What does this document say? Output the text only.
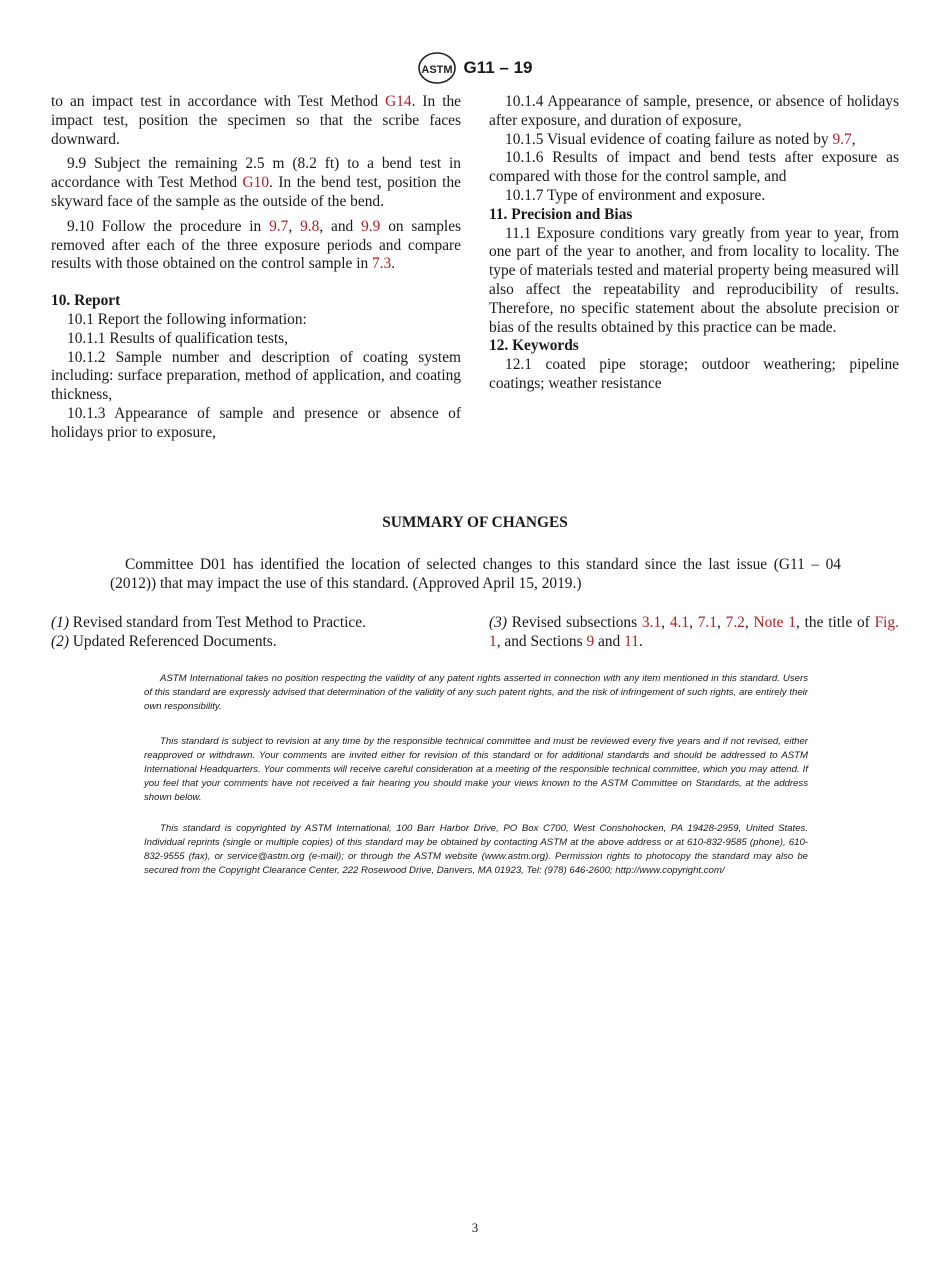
ASTM G11 – 19

to an impact test in accordance with Test Method G14. In the impact test, position the specimen so that the scribe faces downward.

9.9 Subject the remaining 2.5 m (8.2 ft) to a bend test in accordance with Test Method G10. In the bend test, position the skyward face of the sample as the outside of the bend.

9.10 Follow the procedure in 9.7, 9.8, and 9.9 on samples removed after each of the three exposure periods and compare results with those obtained on the control sample in 7.3.

10. Report

10.1 Report the following information:

10.1.1 Results of qualification tests,

10.1.2 Sample number and description of coating system including: surface preparation, method of application, and coating thickness,

10.1.3 Appearance of sample and presence or absence of holidays prior to exposure,

10.1.4 Appearance of sample, presence, or absence of holidays after exposure, and duration of exposure,

10.1.5 Visual evidence of coating failure as noted by 9.7,

10.1.6 Results of impact and bend tests after exposure as compared with those for the control sample, and

10.1.7 Type of environment and exposure.

11. Precision and Bias

11.1 Exposure conditions vary greatly from year to year, from one part of the year to another, and from locality to locality. The type of materials tested and material property being measured will also affect the repeatability and reproducibility of results. Therefore, no specific statement about the absolute precision or bias of the results obtained by this practice can be made.

12. Keywords

12.1 coated pipe storage; outdoor weathering; pipeline coatings; weather resistance

SUMMARY OF CHANGES

Committee D01 has identified the location of selected changes to this standard since the last issue (G11 – 04 (2012)) that may impact the use of this standard. (Approved April 15, 2019.)

(1) Revised standard from Test Method to Practice.
(2) Updated Referenced Documents.
(3) Revised subsections 3.1, 4.1, 7.1, 7.2, Note 1, the title of Fig. 1, and Sections 9 and 11.

ASTM International takes no position respecting the validity of any patent rights asserted in connection with any item mentioned in this standard. Users of this standard are expressly advised that determination of the validity of any such patent rights, and the risk of infringement of such rights, are entirely their own responsibility.

This standard is subject to revision at any time by the responsible technical committee and must be reviewed every five years and if not revised, either reapproved or withdrawn. Your comments are invited either for revision of this standard or for additional standards and should be addressed to ASTM International Headquarters. Your comments will receive careful consideration at a meeting of the responsible technical committee, which you may attend. If you feel that your comments have not received a fair hearing you should make your views known to the ASTM Committee on Standards, at the address shown below.

This standard is copyrighted by ASTM International, 100 Barr Harbor Drive, PO Box C700, West Conshohocken, PA 19428-2959, United States. Individual reprints (single or multiple copies) of this standard may be obtained by contacting ASTM at the above address or at 610-832-9585 (phone), 610-832-9555 (fax), or service@astm.org (e-mail); or through the ASTM website (www.astm.org). Permission rights to photocopy the standard may also be secured from the Copyright Clearance Center, 222 Rosewood Drive, Danvers, MA 01923, Tel: (978) 646-2600; http://www.copyright.com/

3
